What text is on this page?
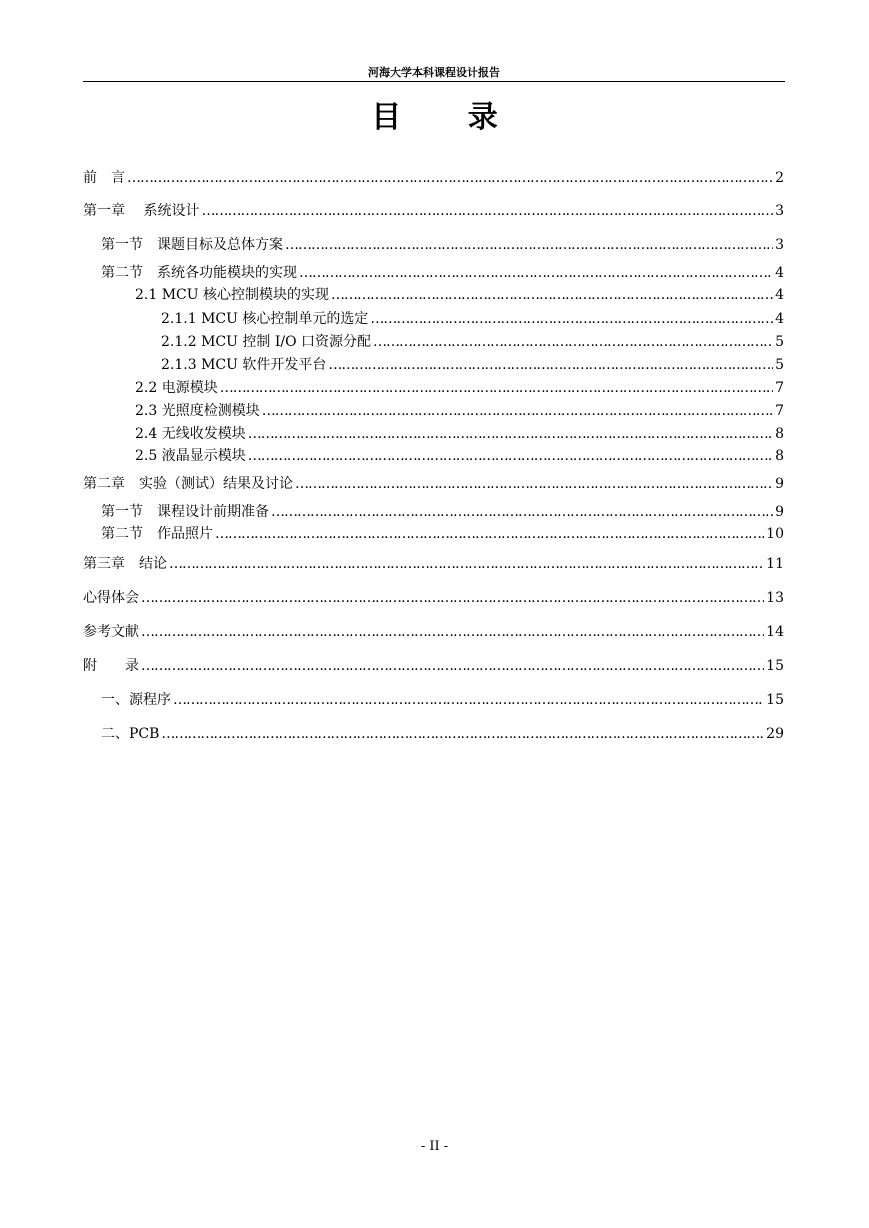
河海大学本科课程设计报告
目 录
前　言 ………………………………………………………………………………………………………………………………………………………………………………………………………	2
第一章　 系统设计 ………………………………………………………………………………………………………………………………………………………………………………………………………	3
第一节　课题目标及总体方案 ………………………………………………………………………………………………………………………………………………………………………………………………………	3
第二节　系统各功能模块的实现 ………………………………………………………………………………………………………………………………………………………………………………………………………	4
2.1 MCU 核心控制模块的实现 ………………………………………………………………………………………………………………………………………………………………………………………………………	4
2.1.1 MCU 核心控制单元的选定 ………………………………………………………………………………………………………………………………………………………………………………………………………	4
2.1.2 MCU 控制 I/O 口资源分配 ………………………………………………………………………………………………………………………………………………………………………………………………………	5
2.1.3 MCU 软件开发平台 ………………………………………………………………………………………………………………………………………………………………………………………………………	5
2.2 电源模块 ………………………………………………………………………………………………………………………………………………………………………………………………………	7
2.3 光照度检测模块 ………………………………………………………………………………………………………………………………………………………………………………………………………	7
2.4 无线收发模块 ………………………………………………………………………………………………………………………………………………………………………………………………………	8
2.5 液晶显示模块 ………………………………………………………………………………………………………………………………………………………………………………………………………	8
第二章　实验（测试）结果及讨论 ………………………………………………………………………………………………………………………………………………………………………………………………………	9
第一节　课程设计前期准备 ………………………………………………………………………………………………………………………………………………………………………………………………………	9
第二节　作品照片 ………………………………………………………………………………………………………………………………………………………………………………………………………	10
第三章　结论 ………………………………………………………………………………………………………………………………………………………………………………………………………	11
心得体会 ………………………………………………………………………………………………………………………………………………………………………………………………………	13
参考文献 ………………………………………………………………………………………………………………………………………………………………………………………………………	14
附　　录 ………………………………………………………………………………………………………………………………………………………………………………………………………	15
一、源程序 ………………………………………………………………………………………………………………………………………………………………………………………………………	15
二、PCB ………………………………………………………………………………………………………………………………………………………………………………………………………	29
- II -
